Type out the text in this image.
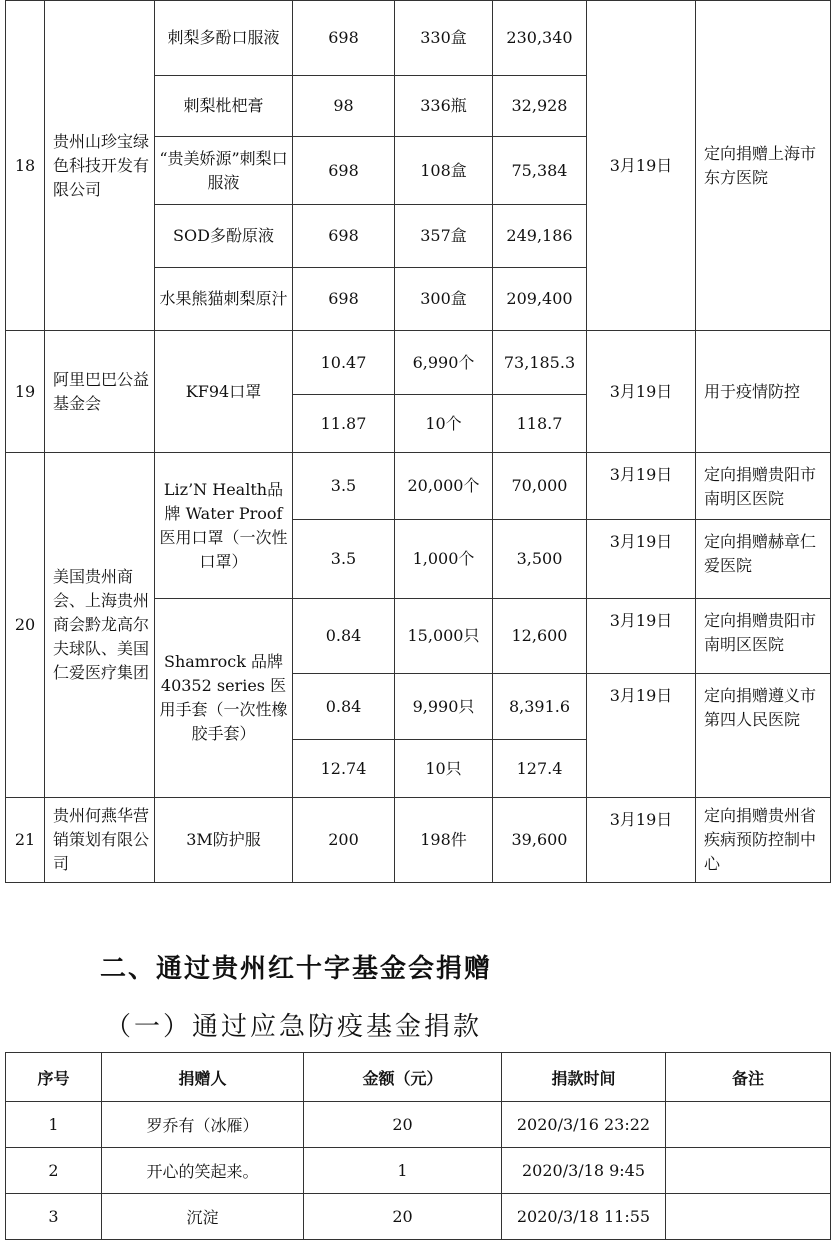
18	贵州山珍宝绿色科技开发有限公司	刺梨多酚口服液	698	330盒	230,340	3月19日	定向捐赠上海市东方医院
		刺梨枇杷膏	98	336瓶	32,928		
		“贵美娇源”刺梨口服液	698	108盒	75,384		
		SOD多酚原液	698	357盒	249,186		
		水果熊猫刺梨原汁	698	300盒	209,400		
19	阿里巴巴公益基金会	KF94口罩	10.47	6,990个	73,185.3	3月19日	用于疫情防控
			11.87	10个	118.7		
20	美国贵州商会、上海贵州商会黔龙高尔夫球队、美国仁爱医疗集团	Liz’N Health品牌 Water Proof 医用口罩（一次性口罩）	3.5	20,000个	70,000	3月19日	定向捐赠贵阳市南明区医院
			3.5	1,000个	3,500	3月19日	定向捐赠赫章仁爱医院
		Shamrock 品牌 40352 series 医用手套（一次性橡胶手套）	0.84	15,000只	12,600	3月19日	定向捐赠贵阳市南明区医院
			0.84	9,990只	8,391.6	3月19日	定向捐赠遵义市第四人民医院
			12.74	10只	127.4		
21	贵州何燕华营销策划有限公司	3M防护服	200	198件	39,600	3月19日	定向捐赠贵州省疾病预防控制中心
二、通过贵州红十字基金会捐赠
（一）通过应急防疫基金捐款
序号	捐赠人	金额（元）	捐款时间	备注
1	罗乔有（冰雁）	20	2020/3/16 23:22	
2	开心的笑起来。	1	2020/3/18 9:45	
3	沉淀	20	2020/3/18 11:55	
